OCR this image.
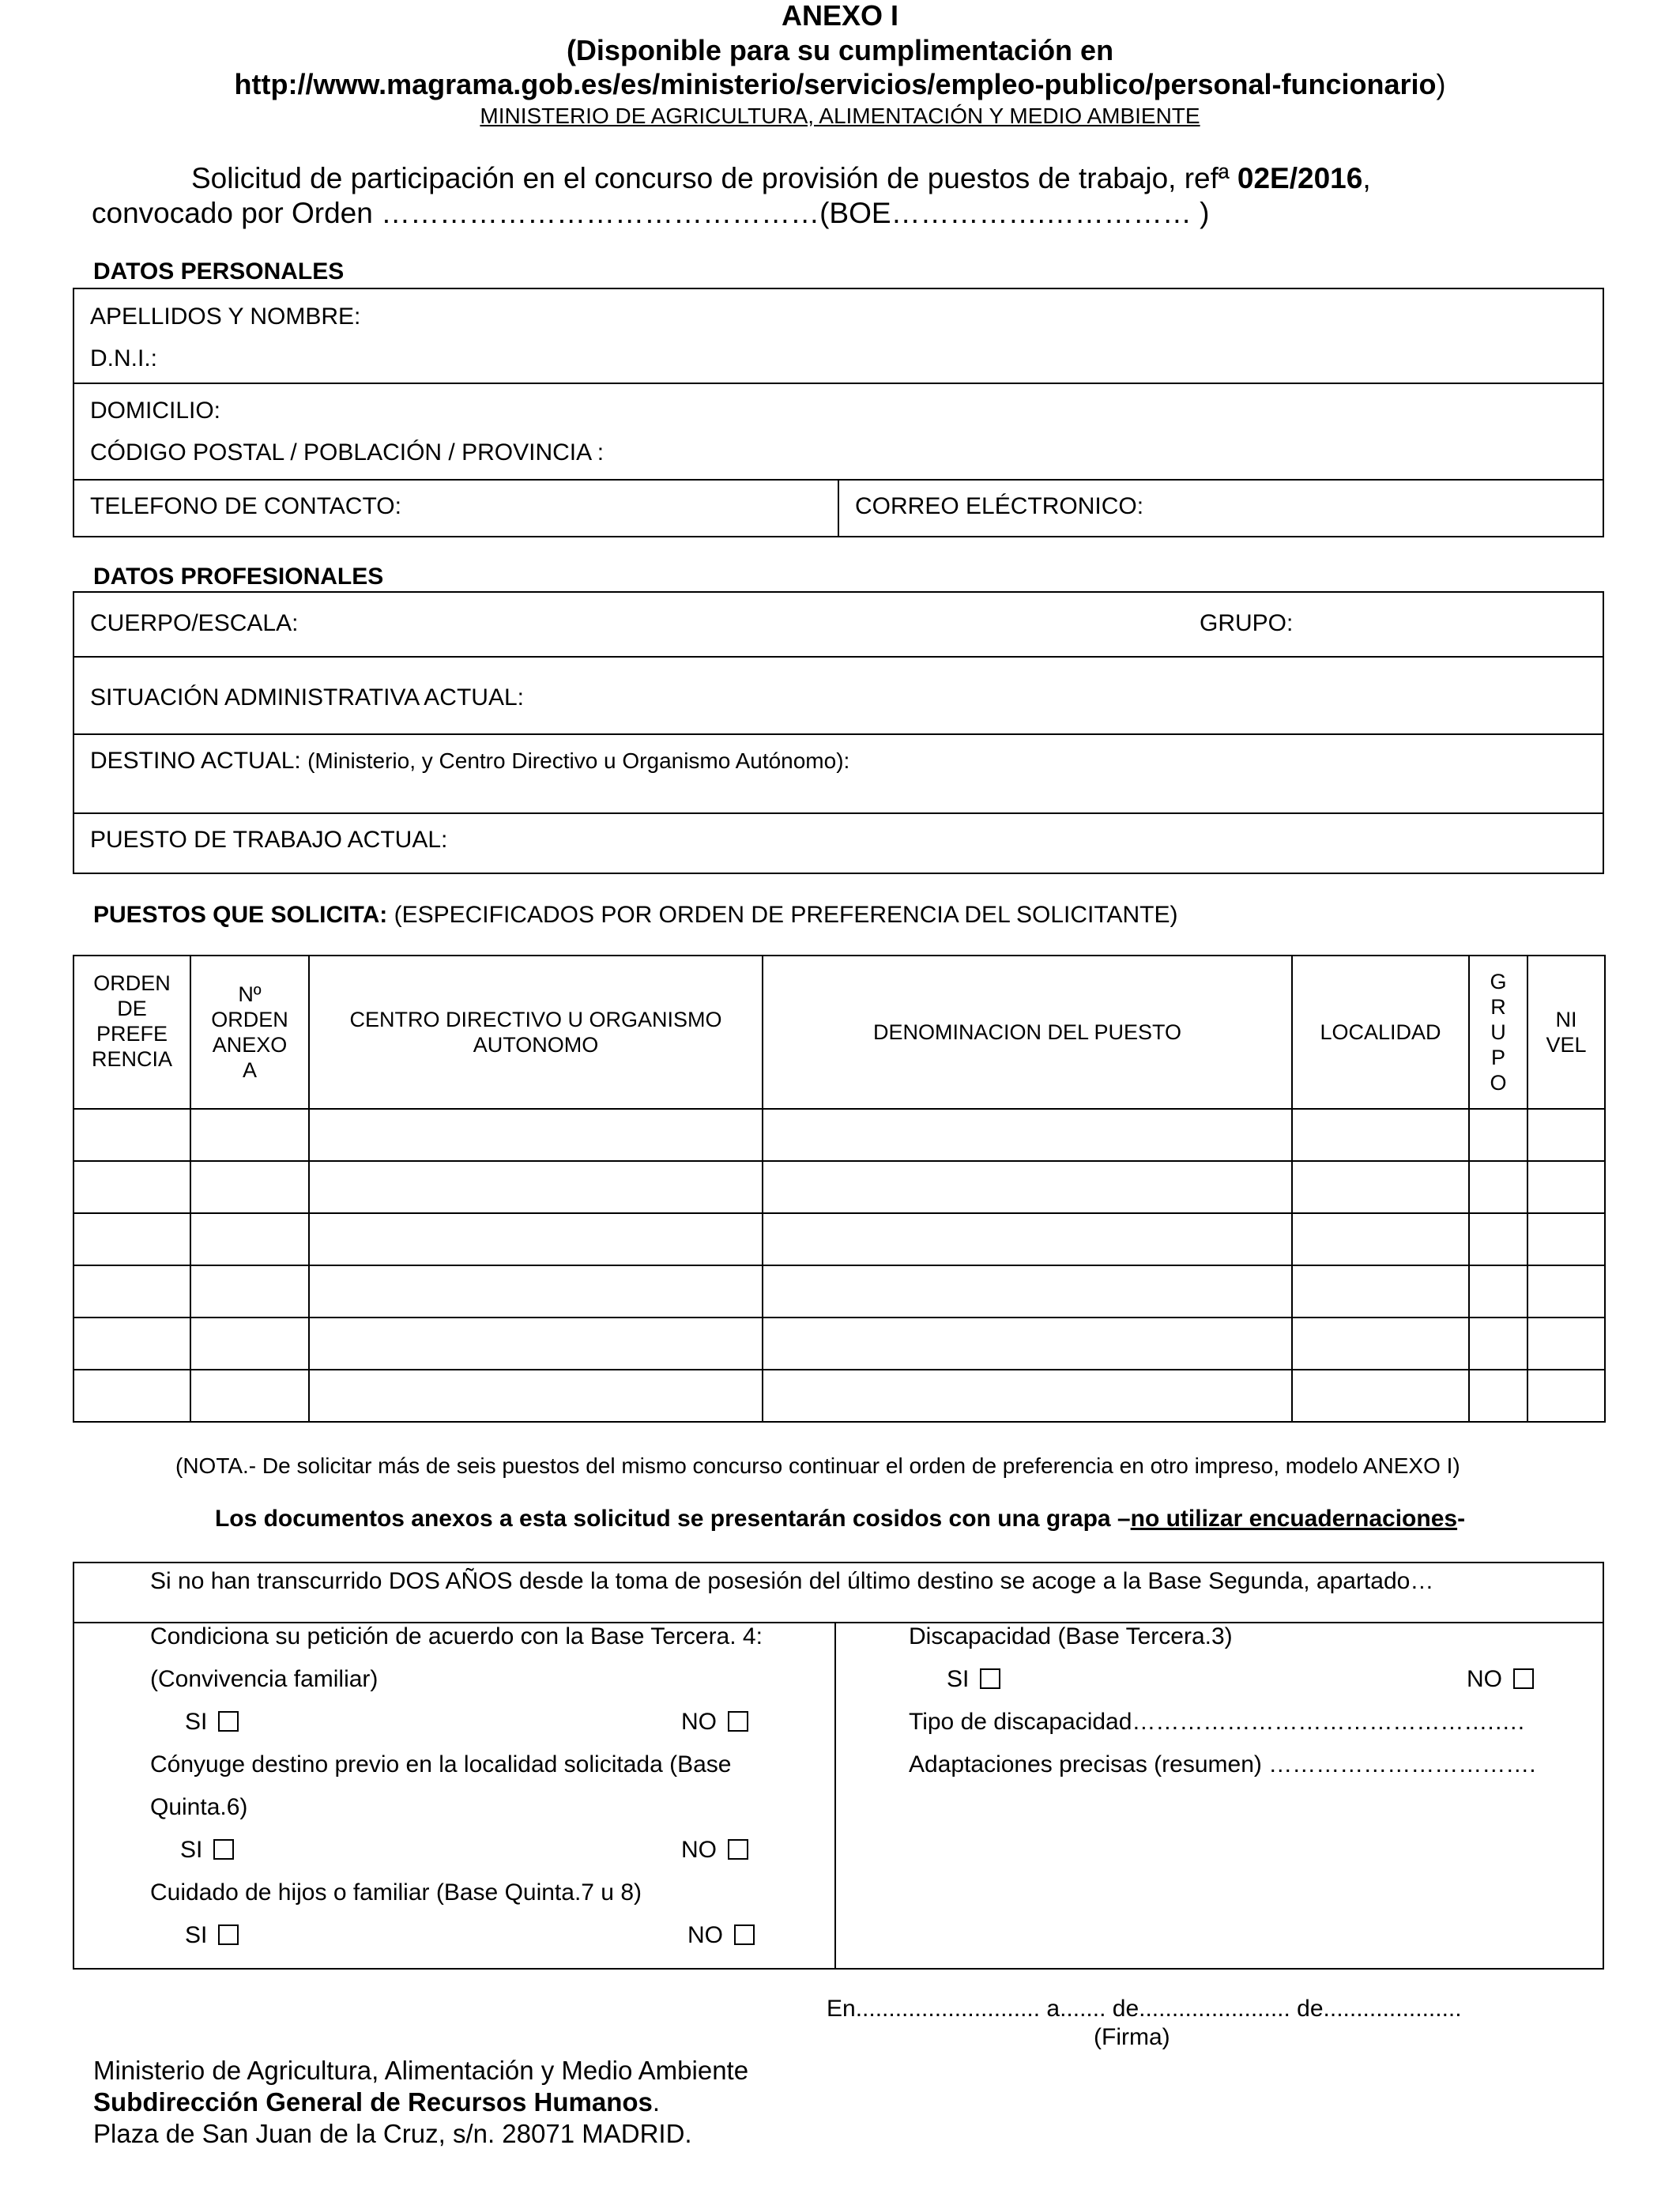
ANEXO I
(Disponible para su cumplimentación en
http://www.magrama.gob.es/es/ministerio/servicios/empleo-publico/personal-funcionario)
MINISTERIO DE AGRICULTURA, ALIMENTACIÓN Y MEDIO AMBIENTE
Solicitud de participación en el concurso de provisión de puestos de trabajo, refª 02E/2016,
convocado por Orden ………………………………………(BOE…………….…………… )
DATOS PERSONALES
APELLIDOS Y NOMBRE:
D.N.I.:
DOMICILIO:
CÓDIGO POSTAL / POBLACIÓN / PROVINCIA :
TELEFONO DE CONTACTO:	CORREO ELÉCTRONICO:
DATOS PROFESIONALES
CUERPO/ESCALA:	GRUPO:
SITUACIÓN ADMINISTRATIVA ACTUAL:
DESTINO ACTUAL: (Ministerio, y Centro Directivo u Organismo Autónomo):
PUESTO DE TRABAJO ACTUAL:
PUESTOS QUE SOLICITA: (ESPECIFICADOS POR ORDEN DE PREFERENCIA DEL SOLICITANTE)
ORDEN
DE
PREFE
RENCIA	Nº
ORDEN
ANEXO
A	CENTRO DIRECTIVO U ORGANISMO
AUTONOMO	DENOMINACION DEL PUESTO	LOCALIDAD	G
R
U
P
O	NI
VEL

(NOTA.- De solicitar más de seis puestos del mismo concurso continuar el orden de preferencia en otro impreso, modelo ANEXO I)
Los documentos anexos a esta solicitud se presentarán cosidos con una grapa –no utilizar encuadernaciones-
Si no han transcurrido DOS AÑOS desde la toma de posesión del último destino se acoge a la Base Segunda, apartado…
Condiciona su petición de acuerdo con la Base Tercera. 4:
(Convivencia familiar)
SI	NO
Cónyuge destino previo en la localidad solicitada (Base
Quinta.6)
SI	NO
Cuidado de hijos o familiar (Base Quinta.7 u 8)
SI	NO
Discapacidad (Base Tercera.3)
SI	NO
Tipo de discapacidad……………………………………….….
Adaptaciones precisas (resumen) …………………………….
En............................ a....... de....................... de.....................
(Firma)
Ministerio de Agricultura, Alimentación y Medio Ambiente
Subdirección General de Recursos Humanos.
Plaza de San Juan de la Cruz, s/n. 28071 MADRID.
